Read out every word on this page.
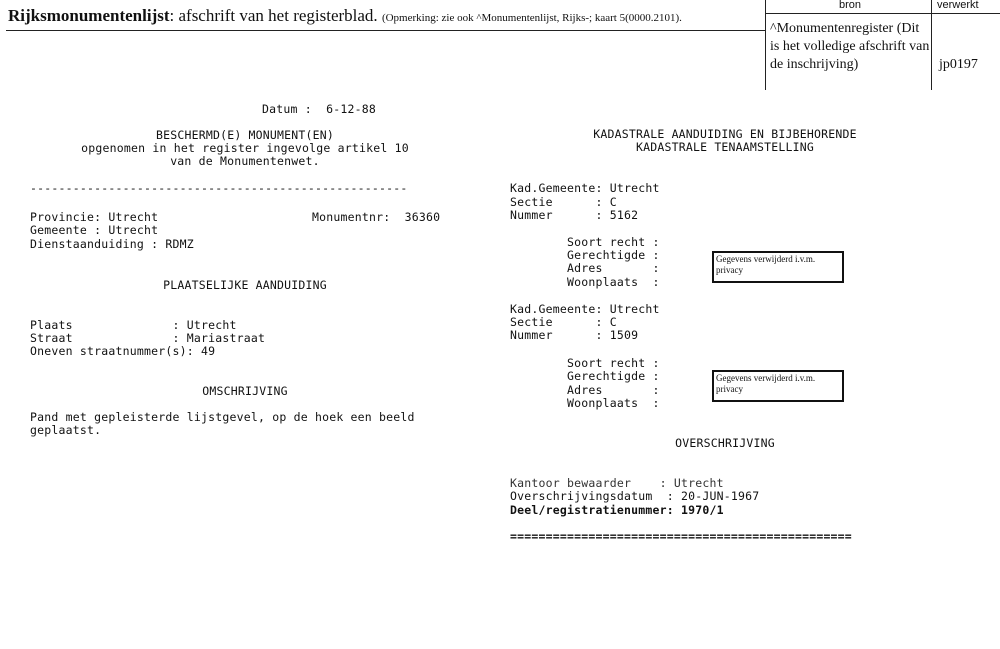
Rijksmonumentenlijst: afschrift van het registerblad. (Opmerking: zie ook ^Monumentenlijst, Rijks-; kaart 5(0000.2101).
bron	verwerkt
^Monumentenregister (Dit is het volledige afschrift van de inschrijving)	jp0197
Datum :  6-12-88
BESCHERMD(E) MONUMENT(EN)
opgenomen in het register ingevolge artikel 10
van de Monumentenwet.
-----------------------------------------------------
Provincie: Utrecht	Monumentnr:  36360
Gemeente : Utrecht
Dienstaanduiding : RDMZ
PLAATSELIJKE AANDUIDING
Plaats              : Utrecht
Straat              : Mariastraat
Oneven straatnummer(s): 49
OMSCHRIJVING
Pand met gepleisterde lijstgevel, op de hoek een beeld
geplaatst.
KADASTRALE AANDUIDING EN BIJBEHORENDE
KADASTRALE TENAAMSTELLING
Kad.Gemeente: Utrecht
Sectie      : C
Nummer      : 5162
Soort recht :
Gerechtigde :
Adres       :
Woonplaats  :
Gegevens verwijderd i.v.m. privacy
Kad.Gemeente: Utrecht
Sectie      : C
Nummer      : 1509
Soort recht :
Gerechtigde :
Adres       :
Woonplaats  :
Gegevens verwijderd i.v.m. privacy
OVERSCHRIJVING
Kantoor bewaarder    : Utrecht
Overschrijvingsdatum  : 20-JUN-1967
Deel/registratienummer: 1970/1
================================================
